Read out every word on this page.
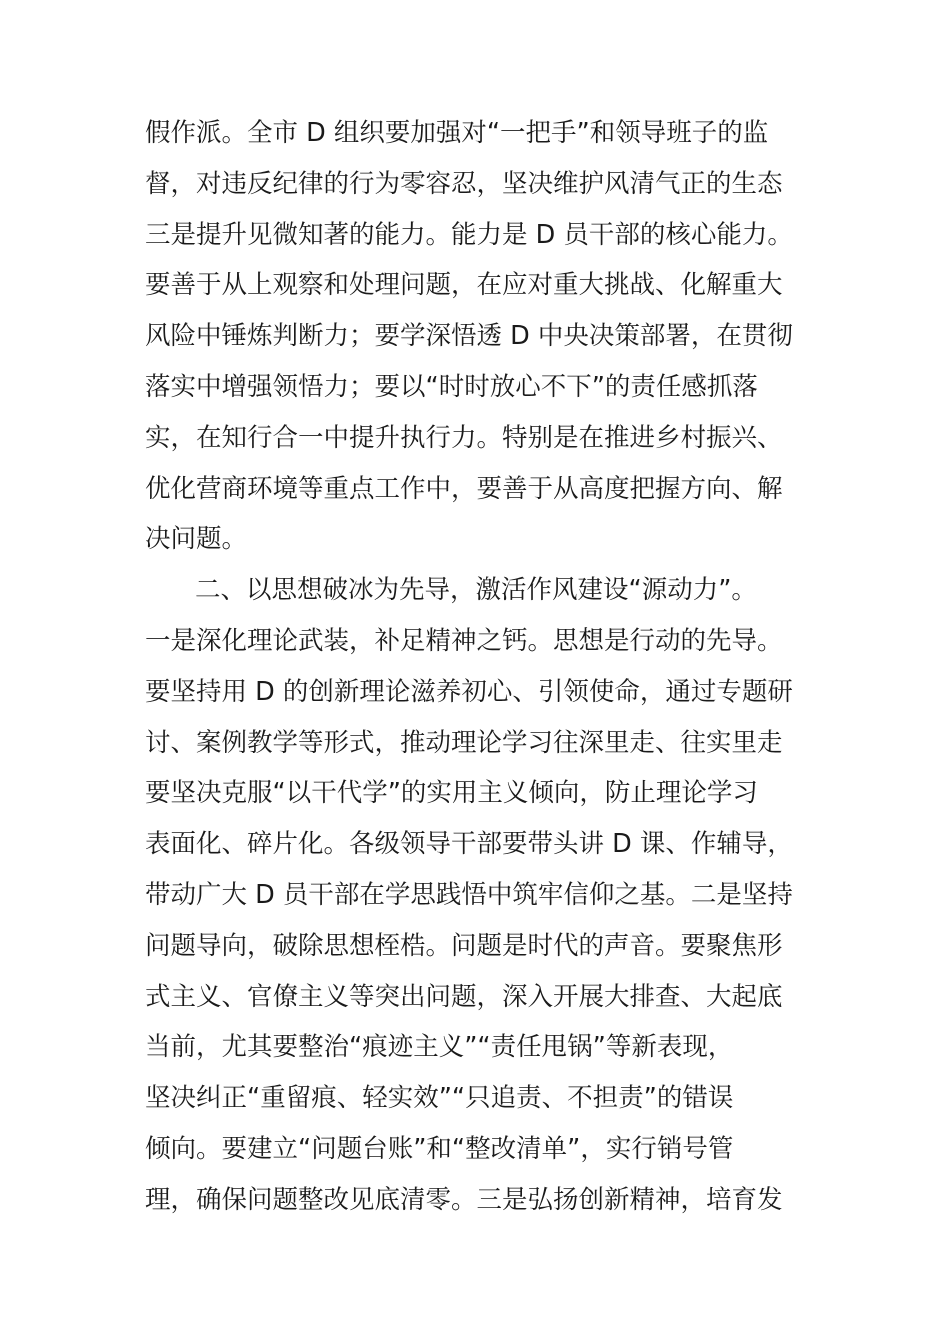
假作派。全市 D 组织要加强对“一把手”和领导班子的监
督，对违反纪律的行为零容忍，坚决维护风清气正的生态
三是提升见微知著的能力。能力是 D 员干部的核心能力。
要善于从上观察和处理问题，在应对重大挑战、化解重大
风险中锤炼判断力；要学深悟透 D 中央决策部署，在贯彻
落实中增强领悟力；要以“时时放心不下”的责任感抓落
实，在知行合一中提升执行力。特别是在推进乡村振兴、
优化营商环境等重点工作中，要善于从高度把握方向、解
决问题。
二、以思想破冰为先导，激活作风建设“源动力”。
一是深化理论武装，补足精神之钙。思想是行动的先导。
要坚持用 D 的创新理论滋养初心、引领使命，通过专题研
讨、案例教学等形式，推动理论学习往深里走、往实里走
要坚决克服“以干代学”的实用主义倾向，防止理论学习
表面化、碎片化。各级领导干部要带头讲 D 课、作辅导，
带动广大 D 员干部在学思践悟中筑牢信仰之基。二是坚持
问题导向，破除思想桎梏。问题是时代的声音。要聚焦形
式主义、官僚主义等突出问题，深入开展大排查、大起底
当前，尤其要整治“痕迹主义”“责任甩锅”等新表现，
坚决纠正“重留痕、轻实效”“只追责、不担责”的错误
倾向。要建立“问题台账”和“整改清单”，实行销号管
理，确保问题整改见底清零。三是弘扬创新精神，培育发
